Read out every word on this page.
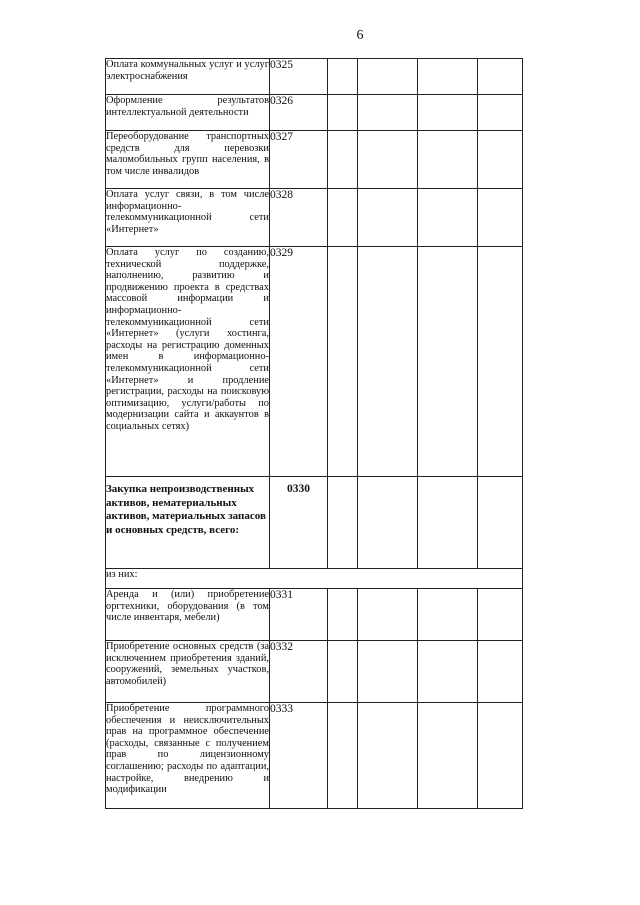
6
Оплата коммунальных услуг и услуг электроснабжения	0325				
Оформление результатов интеллектуальной деятельности	0326				
Переоборудование транспортных средств для перевозки маломобильных групп населения, в том числе инвалидов	0327				
Оплата услуг связи, в том числе информационно-телекоммуникационной сети «Интернет»	0328				
Оплата услуг по созданию, технической поддержке, наполнению, развитию и продвижению проекта в средствах массовой информации и информационно-телекоммуникационной сети «Интернет» (услуги хостинга, расходы на регистрацию доменных имен в информационно-телекоммуникационной сети «Интернет» и продление регистрации, расходы на поисковую оптимизацию, услуги/работы по модернизации сайта и аккаунтов в социальных сетях)	0329				
Закупка непроизводственных активов, нематериальных активов, материальных запасов и основных средств, всего:	0330				
из них:					
Аренда и (или) приобретение оргтехники, оборудования (в том числе инвентаря, мебели)	0331				
Приобретение основных средств (за исключением приобретения зданий, сооружений, земельных участков, автомобилей)	0332				
Приобретение программного обеспечения и неисключительных прав на программное обеспечение (расходы, связанные с получением прав по лицензионному соглашению; расходы по адаптации, настройке, внедрению и модификации	0333				
